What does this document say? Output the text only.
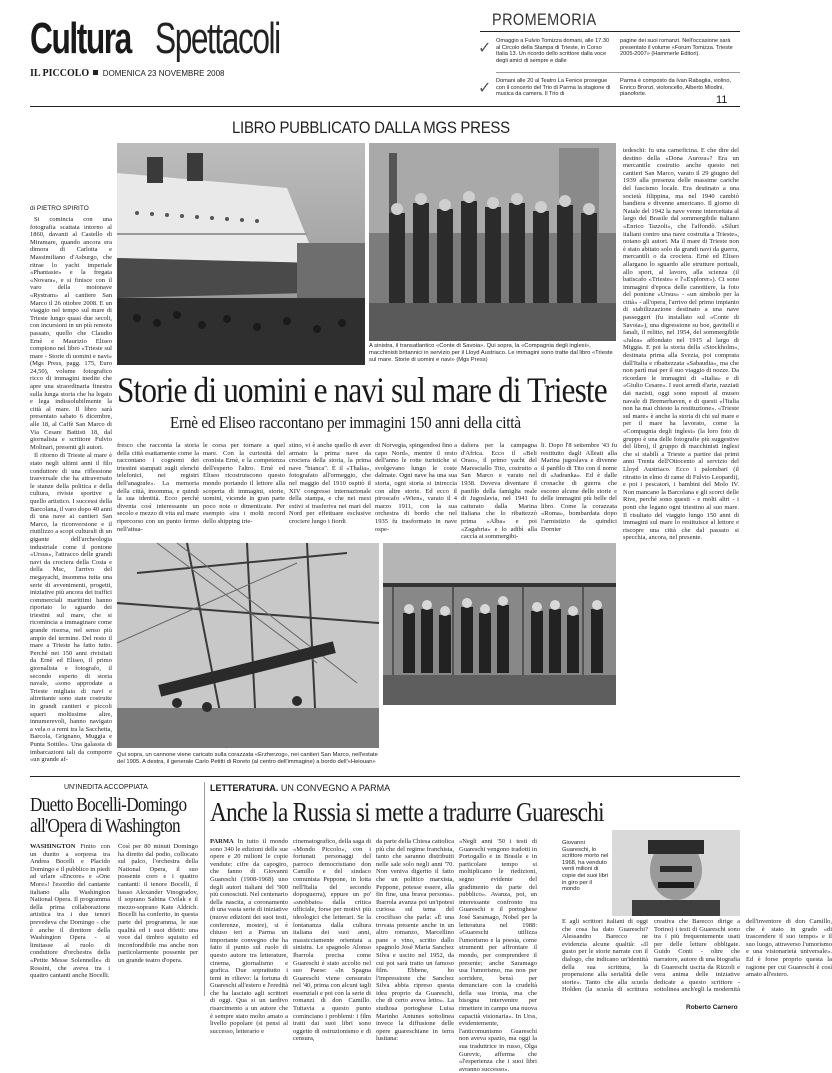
Cultura Spettacoli
IL PICCOLO DOMENICA 23 NOVEMBRE 2008
PROMEMORIA
✓ Omaggio a Fulvio Tomizza domani, alle 17.30 al Circolo della Stampa di Trieste, in Corso Italia 13. Un ricordo dello scrittore dalla voce degli amici di sempre e dalle
pagine dei suoi romanzi. Nell'occasione sarà presentato il volume «Forum Tomizza. Trieste 2005-2007» (Hammerle Editori).
✓ Domani alle 20 al Teatro La Fenice prosegue con il concerto del Trio di Parma la stagione di musica da camera. Il Trio di
Parma è composto da Ivan Rabaglia, violino, Enrico Bronzi, violoncello, Alberto Miodini, pianoforte.	11
LIBRO PUBBLICATO DALLA MGS PRESS
A sinistra, il transatlantico «Conte di Savoia». Qui sopra, la «Compagnia degli inglesi», macchinisti britannici in servizio per il Lloyd Austriaco. Le immagini sono tratte dal libro «Trieste sul mare. Storie di uomini e navi» (Mgs Press)
di PIETRO SPIRITO

Si comincia con una fotografia scattata intorno al 1860, davanti al Castello di Miramare, quando ancora era dimora di Carlotta e Massimiliano d'Asburgo, che ritrae lo yacht imperiale «Phantasie» e la fregata «Novara», e si finisce con il varo della motonave «Rystram» al cantiere San Marco il 26 ottobre 2008. E un viaggio nel tempo sul mare di Trieste lungo quasi due secoli, con incursioni in un più remoto passato, quello che Claudio Ernè e Maurizio Eliseo compiono nel libro «Trieste sul mare - Storie di uomini e navi» (Mgs Press, pagg. 175, Euro 24,50), volume fotografico ricco di immagini inedite che apre una straordinaria finestra sulla lunga storia che ha legato e lega indissolubilmente la città al mare. Il libro sarà presentato sabato 6 dicembre, alle 18, al Caffè San Marco di Via Cesare Battisti 18, dal giornalista e scrittore Fulvio Molinari, presenti gli autori.

Il ritorno di Trieste al mare è stato negli ultimi anni il filo conduttore di una riflessione trasversale che ha attraversato le stanze della politica e della cultura, riviste sportive e quello artistico. I successi della Barcolana, il varo dopo 40 anni di una nave ai cantieri San Marco, la riconversione e il riutilizzo a scopi culturali di un gigante dell'archeologia industriale come il pontone «Ursus», l'attracco delle grandi navi da crociera della Costa e della Msc, l'arrivo del megayacht, insomma tutta una serie di avvenimenti, progetti, iniziative più ancora dei traffici commerciali marittimi hanno riportato lo sguardo dei triestini sul mare, che si ricomincia a immaginare come grande risorsa, nel senso più ampio del termine. Del resto il mare a Trieste ha fatto tutto. Perché nei 150 anni rivisitati da Ernè ed Eliseo, il primo giornalista e fotografo, il secondo esperto di storia navale, «sono approdate a Trieste migliaia di navi e altrettante sono state costruite in grandi cantieri e piccoli squeri moltissime altre, innumerevoli, hanno navigato a vela o a remi tra la Sacchetta, Barcola, Grignano, Muggia e Punta Sottile». Una galassia di imbarcazioni tali da comporre «un grande af-

Storie di uomini e navi sul mare di Trieste
Ernè ed Eliseo raccontano per immagini 150 anni della città
fresco che racconta la storia della città esattamente come la raccontano i cognomi dei triestini stampati sugli elenchi telefonici, nei registri dell'anagrafe». La memoria della città, insomma, e quindi la sua identità. Ecco perché diventa così interessante un secolo e mezzo di vita sul mare ripercorso con un punto fermo nell'attua-
le corsa per tornare a quel mare. Con la curiosità del cronista Ernè, e la competenza dell'esperto l'altro. Ernè ed Eliseo ricostruiscono questo mondo portando il lettore alla scoperta di immagini, storie, uomini, vicende in gran parte poco note o dimenticate. Per esempio «tra i molti record dello shipping trie-
stino, vi è anche quello di aver armato la prima nave da crociera della storia, la prima nave "bianca". È il «Thalia», fotografato all'ormeggio, che nel maggio del 1910 ospitò il XIV congresso internazionale della stampa, e che nei mesi estivi si trasferiva nei mari del Nord per effettuare esclusive crociere lungo i fiordi
di Norvegia, spingendosi fino a capo Nord», mentre il resto dell'anno le rotte turistiche si svolgevano lungo le coste dalmate. Ogni nave ha una sua storia, ogni storia si intreccia con altre storie. Ed ecco il piroscafo «Wien», varato il 4 marzo 1911, con la sua orchestra di bordo che nel 1935 fu trasformato in nave ospe-
daliera per la campagna d'Africa. Ecco il «Beli Orao», il primo yacht del Maresciallo Tito, costruito a San Marco e varato nel 1938. Doveva diventare il panfilo della famiglia reale di Jugoslavia, nel 1941 fu catturato dalla Marina italiana che lo ribattezzò prima «Alba» e poi «Zagabria» e lo adibì alla caccia ai sommergibi-
li. Dopo l'8 settembre '43 fu restituito dagli Alleati alla Marina jugoslava e divenne il panfilo di Tito con il nome di «Jadranka». Ed è dalle cronache di guerra che escono alcune delle storie e delle immagini più belle del libro. Come la corazzata «Roma», bombardata dopo l'armistizio da quindici Dornier
tedeschi: fu una carneficina. E che dire del destino della «Dona Aurora»? Era un mercantile costruito anche questo nei cantieri San Marco, varato il 29 giugno del 1939 alla presenza delle massime cariche del fascismo locale. Era destinato a una società filippina, ma nel 1940 cambiò bandiera e divenne americano. Il giorno di Natale del 1942 la nave venne intercettata al largo del Brasile dal sommergibile italiano «Enrico Tazzoli», che l'affondò. «Siluri italiani contro una nave costruita a Trieste», notano gli autori. Ma il mare di Trieste non è stato abitato solo da grandi navi da guerra, mercantili o da crociera. Ernè ed Eliseo allargano lo sguardo alle strutture portuali, allo sport, al lavoro, alla scienza (il batiscafo «Trieste» e l'«Explorer»). Ci sono immagini d'epoca delle canottiere, la foto del pontone «Ursus» - «un simbolo per la città» - all'opera, l'arrivo del primo impianto di stabilizzazione destinato a una nave passeggeri (fu installato sul «Conte di Savoia»), una digressione su boe, gavitelli e fanali, il relitto, nel 1954, del sommergibile «Jalea» affondato nel 1915 al largo di Miggia. E poi la storia della «Stockholm», destinata prima alla Svezia, poi comprata dall'Italia e ribattezzata «Sabaudia», ma che non partì mai per il suo viaggio di nozze. Da ricordare le immagini di «Italia» e di «Giulio Cesare». I suoi arredi d'arte, razziati dai nazisti, oggi sono esposti al museo navale di Bremerhaven, e di questi «l'Italia non ha mai chiesto la restituzione». «Trieste sul mare» è anche la storia di chi sul mare e per il mare ha lavorato, come la «Compagnia degli inglesi» (la loro foto di gruppo è una delle fotografie più suggestive del libro), il gruppo di macchinisti inglesi che si stabilì a Trieste a partire dai primi anni Trenta dell'Ottocento al servizio del Lloyd Austriaco. Ecco i palombari (il ritratto in elmo di rame di Fulvio Leopardi), e poi i pescatori, i bambini del Molo IV. Non mancano la Barcolana e gli scorci delle Rive, perché sono questi - e molti altri - i ponti che legano ogni triestino al suo mare. Il risultato del viaggio lungo 150 anni di immagini sul mare lo restituisce al lettore e riscopre una città che dal passato si specchia, ancora, nel presente.
Qui sopra, un cannone viene caricato sulla corazzata «Erzherzog», nei cantieri San Marco, nell'estate del 1905. A destra, il generale Carlo Petitti di Roreto (al centro dell'immagine) a bordo dell'«Heiouan»
UN'INEDITA ACCOPPIATA
Duetto Bocelli-Domingo all'Opera di Washington
WASHINGTON Finito con un duetto a sorpresa tra Andrea Bocelli e Placido Domingo e il pubblico in piedi ad urlare «Encore» e «One More»! l'esordio del cantante italiano alla Washington National Opera. Il programma della prima collaborazione artistica tra i due tenori prevedeva che Domingo - che è anche il direttore della Washington Opera - si limitasse al ruolo di conduttore d'orchestra della «Petite Messe Solennelle» di Rossini, che aveva tra i quattro cantanti anche Bocelli.
Così per 80 minuti Domingo ha diretto dal podio, collocato sul palco, l'orchestra della National Opera, il suo possente coro e i quattro cantanti: il tenore Bocelli, il basso Alexander Vinogradov, il soprano Sabina Cvilak e il mezzo-soprano Kate Aldrich. Bocelli ha conferito, in questa parte del programma, le sue qualità ed i suoi difetti: una voce dal timbro squisito ed inconfondibile ma anche non particolarmente possente per un grande teatro d'opera.
LETTERATURA. UN CONVEGNO A PARMA
Anche la Russia si mette a tradurre Guareschi
PARMA In tutto il mondo sono 340 le edizioni delle sue opere e 20 milioni le copie vendute: cifre da capogiro, che fanno di Giovanni Guareschi (1908-1968) uno degli autori italiani del '900 più conosciuti. Nel centenario della nascita, a coronamento di una vasta serie di iniziative (nuove edizioni dei suoi testi, conferenze, mostre), si è chiuso ieri a Parma un importante convegno che ha fatto il punto sul ruolo di questo autore tra letterature, cinema, giornalismo e grafica. Due soprattutto i temi in rilievo: la fortuna di Guareschi all'estero e l'eredità che ha lasciato agli scrittori di oggi. Qua si un tardivo risarcimento a un autore che è sempre stato molto amato a livello popolare (si pensi al successo, letterario e
cinematografico, della saga di «Mondo Piccolo», con i fortunati personaggi del parroco democristiano don Camillo e del sindaco comunista Peppone, in lotta nell'Italia del secondo dopoguerra), eppure un po' «snobbato» dalla critica ufficiale, forse per motivi più ideologici che letterari. Se la lontananza dalla cultura italiana dei suoi anni, massicciamente orientata a sinistra. Le spagnolo Alonso Ibarrola precisa come Guareschi è stato accolto nel suo Paese: «In Spagna Guareschi viene censurato nel '40, prima con alcuni tagli essenziali e poi con la serie di romanzi di don Camillo. Tuttavia a questo punto cominciano i problemi: i film tratti dai suoi libri sono oggetto di ostruzionismo e di censura,
da parte della Chiesa cattolica più che del regime franchista, tanto che saranno distribuiti nelle sale solo negli anni '70. Non veniva digerito il fatto che un politico marxista, Peppone, potesse essere, alla fin fine, una brava persona». Ibarrola avanza poi un'ipotesi curiosa sul tema del crocifisso che parla: «È una trovata presente anche in un altro romanzo, Marcellino pane e vino, scritto dallo spagnolo José Maria Sanchez Silva e uscito nel 1952, da cui poi sarà tratto un famoso film. Ebbene, ho l'impressione che Sanchez Silva abbia ripreso questa idea proprio da Guareschi, che di certo aveva letto». La studiosa portoghese Luisa Marinho Antunes sottolinea invece la diffusione delle opere guareschiane in terra lusitana:
«Negli anni '50 i testi di Guareschi vengono tradotti in Portogallo e in Brasile e in particolare tempo si moltiplicano le riedizioni, segno evidente del gradimento da parte del pubblico». Avanza, poi, un interessante confronto tra Guareschi e il portoghese José Saramago, Nobel per la letteratura nel 1988: «Guareschi utilizza l'umorismo e la poesia, come strumenti per affrontare il mondo, per comprendere il presente; anche Saramago usa l'umorismo, ma non per sorridere, bensì per denunciare con la crudeltà della sua ironia, ma che bisogna intervenire per rimettere in campo una nuova capacità visionaria». In Urss, evidentemente, l'anticomunismo Guareschi non aveva spazio, ma oggi la sua traduttrice in russo, Olga Gurevic, afferma che «l'esperienza che i suoi libri avranno successo».
Giovanni Guareschi, lo scrittore morto nel 1968, ha venduto venti milioni di copie dei suoi libri in giro per il mondo
E agli scrittori italiani di oggi che cosa ha dato Guareschi? Alessandro Barecco ne evidenzia alcune qualità: «Il gusto per le storie narrate con il dialogo, che indicano un'identità della sua scrittura, la propensione alla serialità delle storie». Tanto che alla scuola Holden (la scuola di scrittura creativa che Barecco dirige a Torino) i testi di Guareschi sono tra i più frequentemente usati per delle letture obbligate. Guido Conti - oltre che narratore, autore di una biografia di Guareschi uscita da Rizzoli e vera anima delle iniziative dedicate a questo scrittore - sottolinea anch'egli la modernità dell'inventore di don Camillo, che è stato in grado «di trascendere il suo tempo» e il suo luogo, attraverso l'umorismo e una visionarietà universale». Ed è forse proprio questa la ragione per cui Guareschi è così amato all'estero.
Roberto Carnero
